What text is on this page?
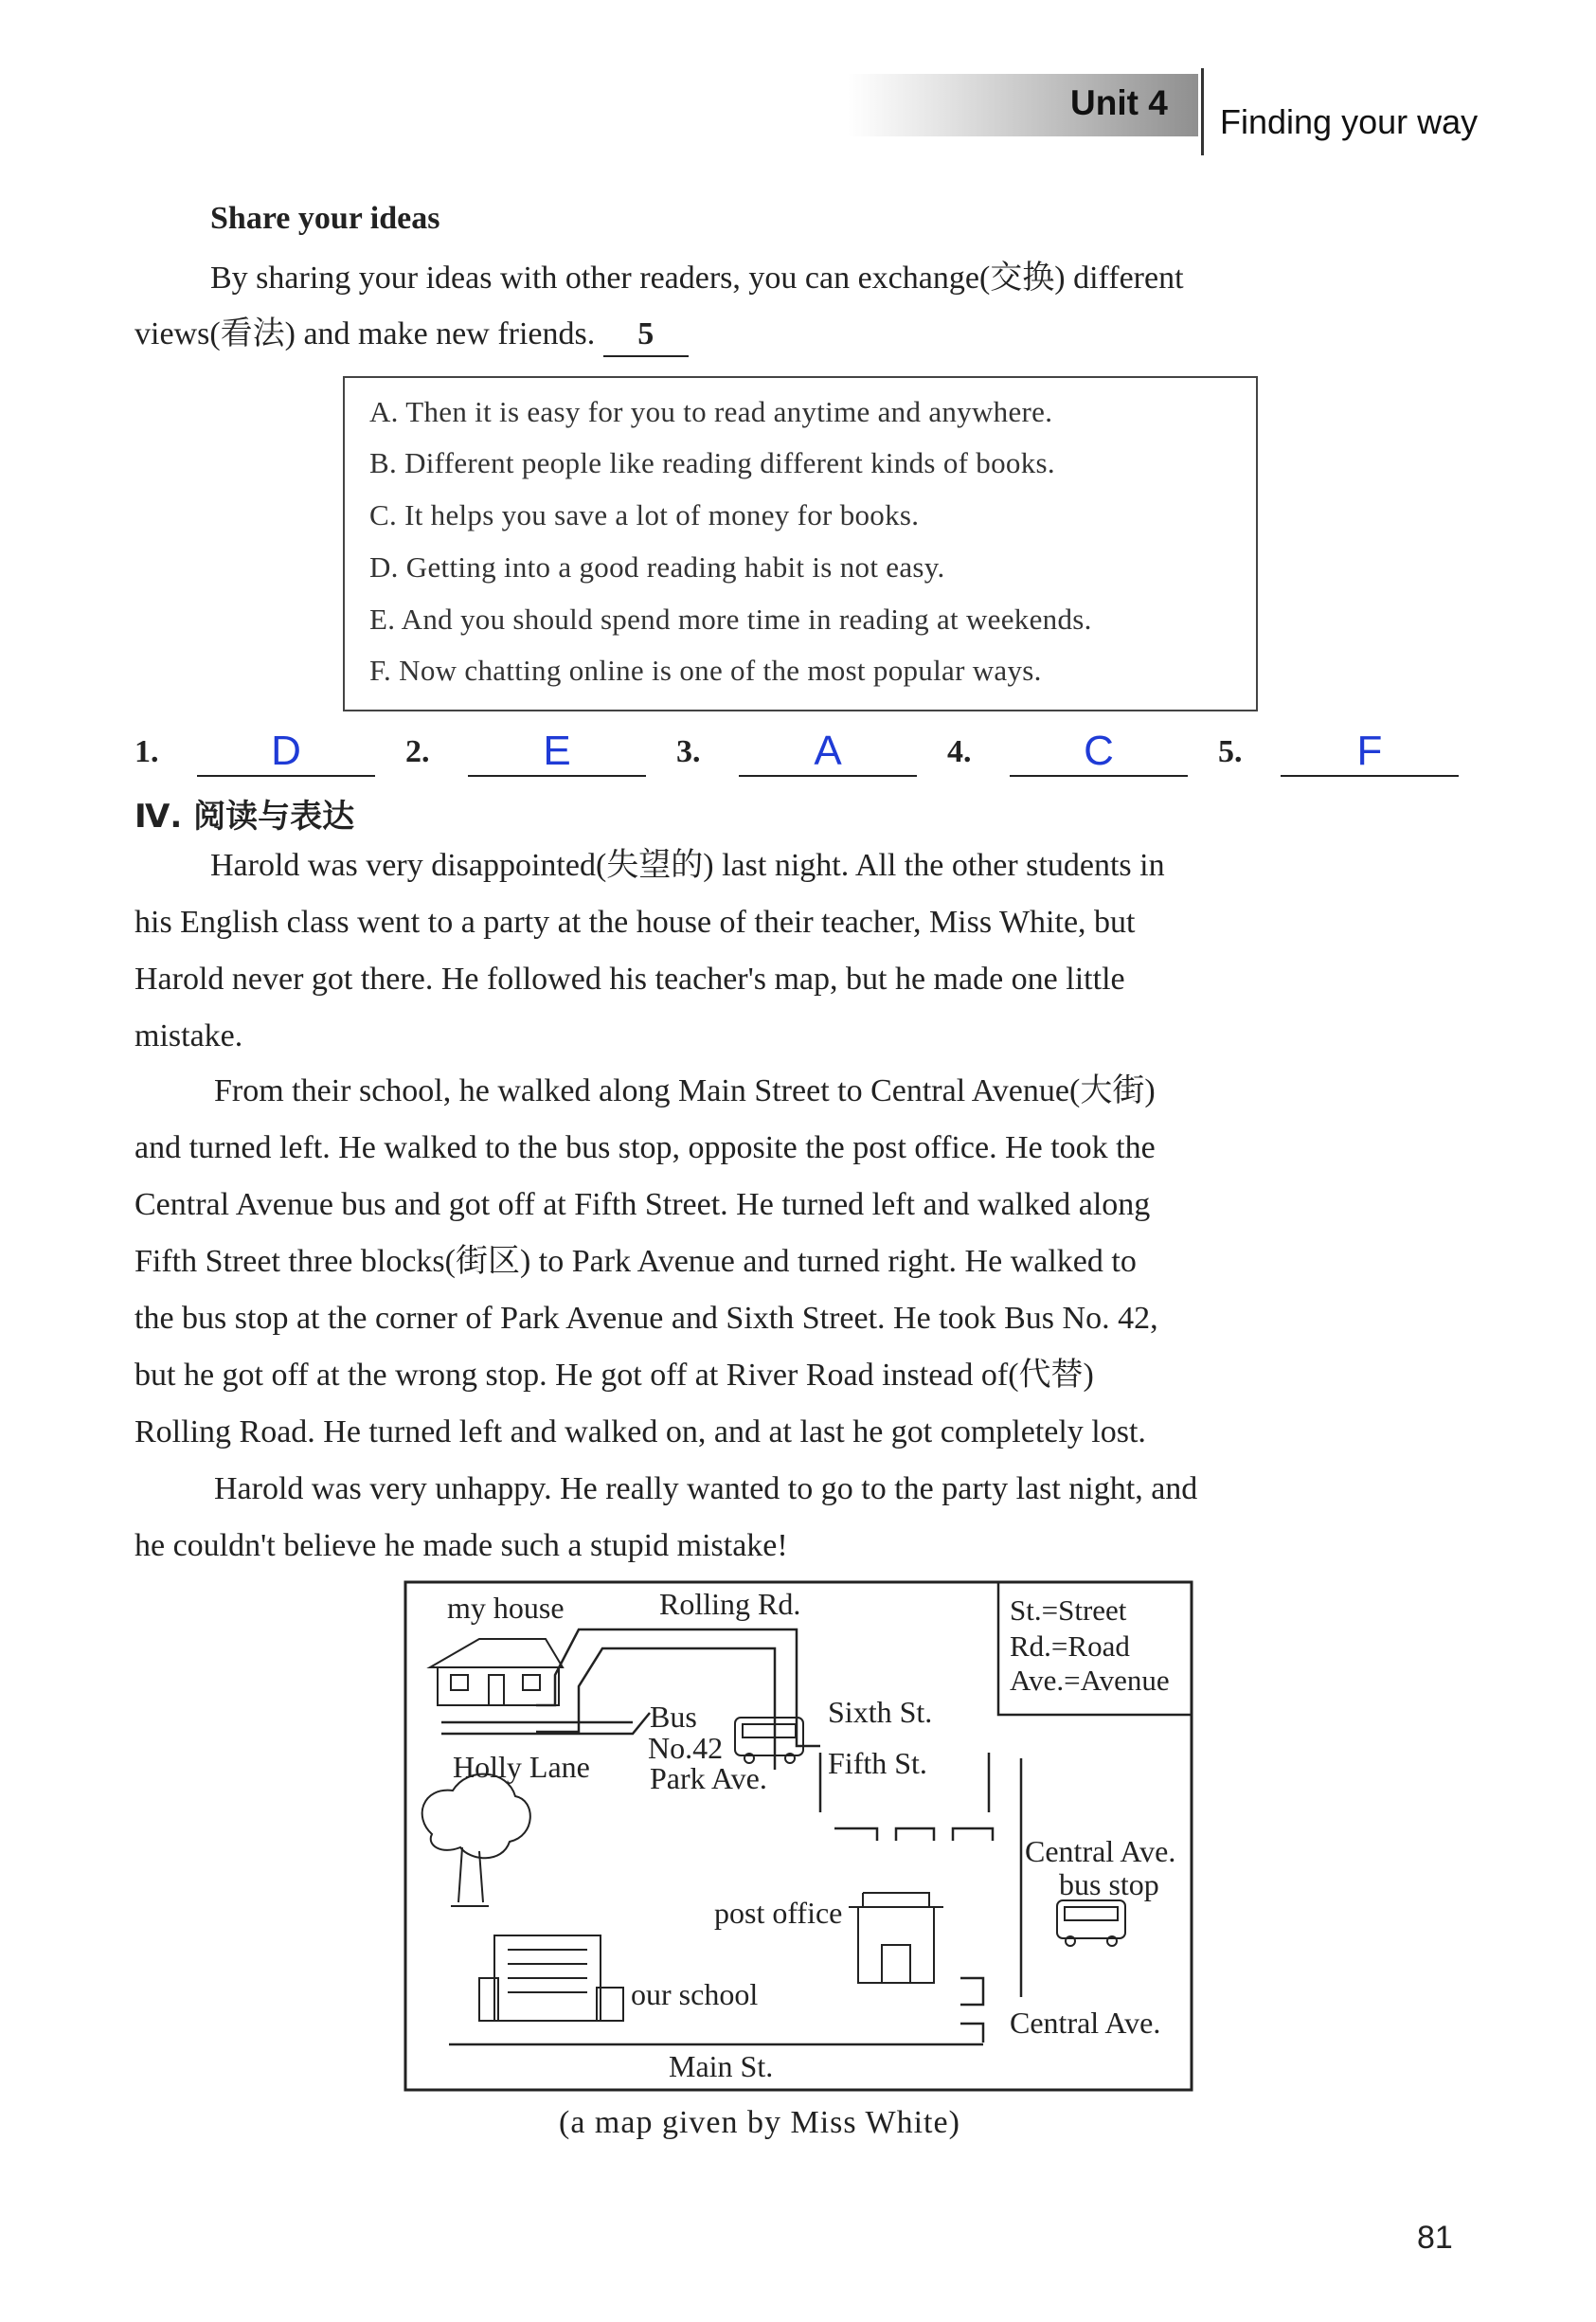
Unit 4 Finding your way
Share your ideas
By sharing your ideas with other readers, you can exchange(交换) different
views(看法) and make new friends. 5
A. Then it is easy for you to read anytime and anywhere.
B. Different people like reading different kinds of books.
C. It helps you save a lot of money for books.
D. Getting into a good reading habit is not easy.
E. And you should spend more time in reading at weekends.
F. Now chatting online is one of the most popular ways.
1.	D	2.	E	3.	A	4.	C	5.	F
Ⅳ. 阅读与表达
Harold was very disappointed(失望的) last night. All the other students in
his English class went to a party at the house of their teacher, Miss White, but
Harold never got there. He followed his teacher's map, but he made one little
mistake.
From their school, he walked along Main Street to Central Avenue(大街)
and turned left. He walked to the bus stop, opposite the post office. He took the
Central Avenue bus and got off at Fifth Street. He turned left and walked along
Fifth Street three blocks(街区) to Park Avenue and turned right. He walked to
the bus stop at the corner of Park Avenue and Sixth Street. He took Bus No. 42,
but he got off at the wrong stop. He got off at River Road instead of(代替)
Rolling Road. He turned left and walked on, and at last he got completely lost.
Harold was very unhappy. He really wanted to go to the party last night, and
he couldn't believe he made such a stupid mistake!
my house	Rolling Rd.	St.=Street
Rd.=Road
Ave.=Avenue
Bus
No.42
Park Ave.
Sixth St.
Fifth St.
Holly Lane
Central Ave.
bus stop
post office
our school
Central Ave.
Main St.
(a map given by Miss White)
81
